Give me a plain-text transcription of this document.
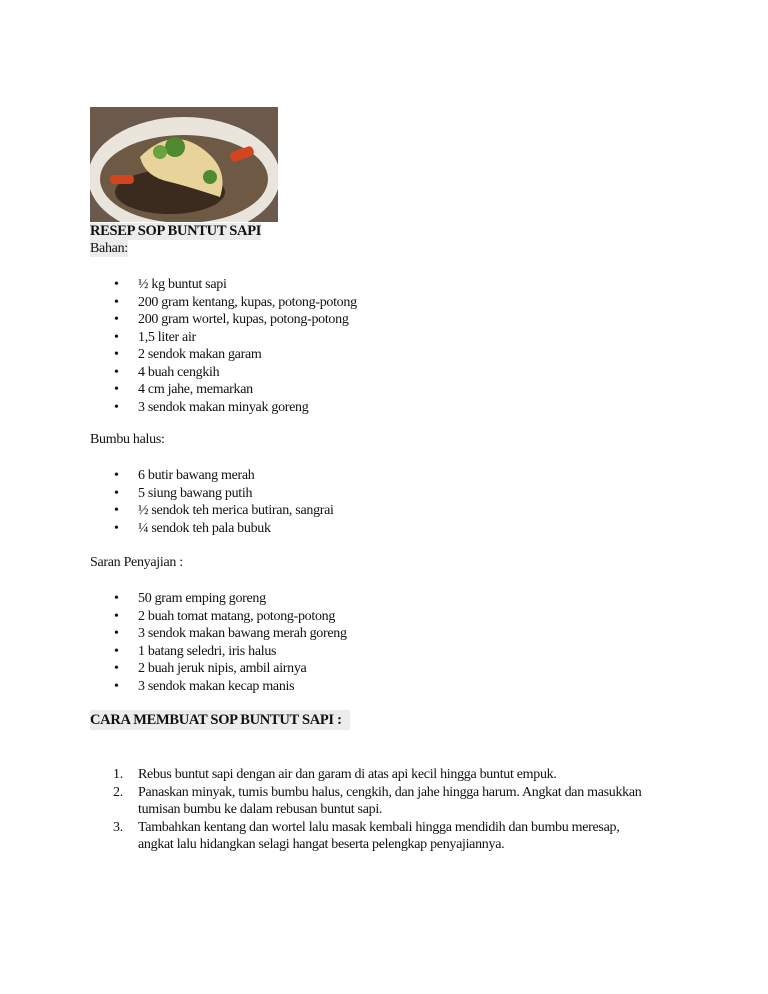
RESEP SOP BUNTUT SAPI
Bahan:
• ½ kg buntut sapi
• 200 gram kentang, kupas, potong-potong
• 200 gram wortel, kupas, potong-potong
• 1,5 liter air
• 2 sendok makan garam
• 4 buah cengkih
• 4 cm jahe, memarkan
• 3 sendok makan minyak goreng
Bumbu halus:
• 6 butir bawang merah
• 5 siung bawang putih
• ½ sendok teh merica butiran, sangrai
• ¼ sendok teh pala bubuk
Saran Penyajian :
• 50 gram emping goreng
• 2 buah tomat matang, potong-potong
• 3 sendok makan bawang merah goreng
• 1 batang seledri, iris halus
• 2 buah jeruk nipis, ambil airnya
• 3 sendok makan kecap manis
CARA MEMBUAT SOP BUNTUT SAPI :
1. Rebus buntut sapi dengan air dan garam di atas api kecil hingga buntut empuk.
2. Panaskan minyak, tumis bumbu halus, cengkih, dan jahe hingga harum. Angkat dan masukkan tumisan bumbu ke dalam rebusan buntut sapi.
3. Tambahkan kentang dan wortel lalu masak kembali hingga mendidih dan bumbu meresap, angkat lalu hidangkan selagi hangat beserta pelengkap penyajiannya.
